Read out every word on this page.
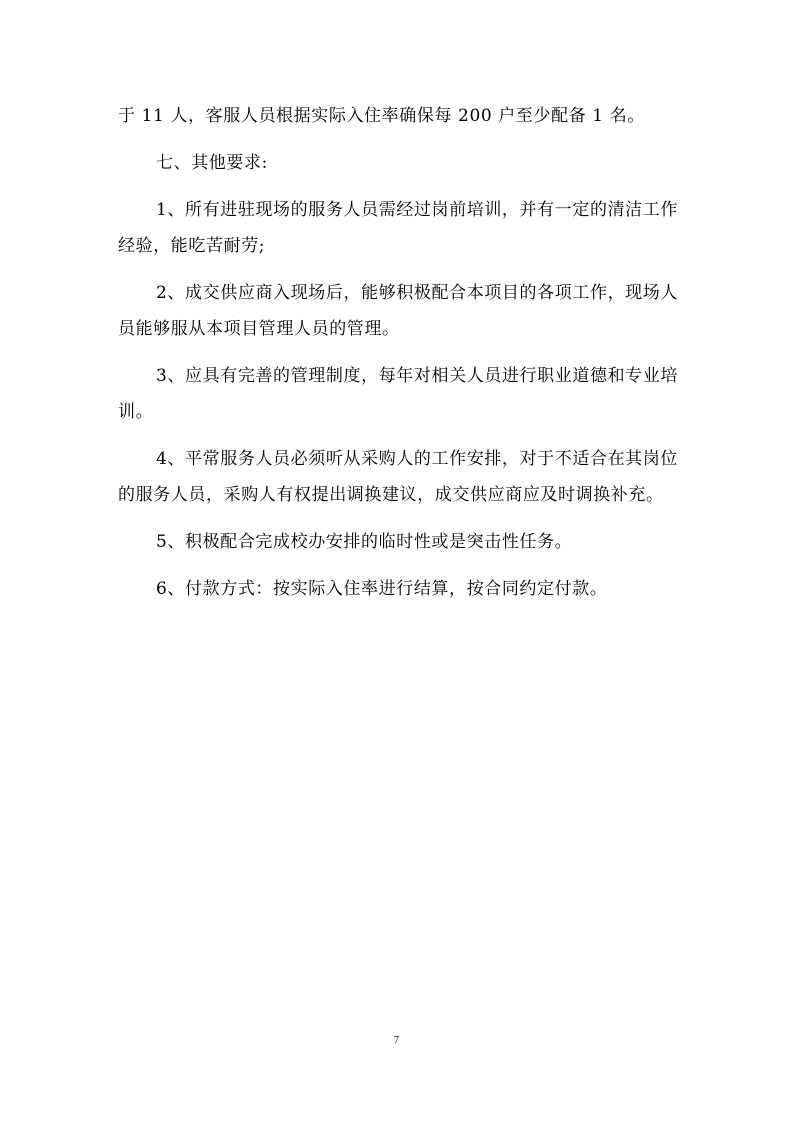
于 11 人，客服人员根据实际入住率确保每 200 户至少配备 1 名。

七、其他要求:

1、所有进驻现场的服务人员需经过岗前培训，并有一定的清洁工作经验，能吃苦耐劳;

2、成交供应商入现场后，能够积极配合本项目的各项工作，现场人员能够服从本项目管理人员的管理。

3、应具有完善的管理制度，每年对相关人员进行职业道德和专业培训。

4、平常服务人员必须听从采购人的工作安排，对于不适合在其岗位的服务人员，采购人有权提出调换建议，成交供应商应及时调换补充。

5、积极配合完成校办安排的临时性或是突击性任务。

6、付款方式：按实际入住率进行结算，按合同约定付款。

7
